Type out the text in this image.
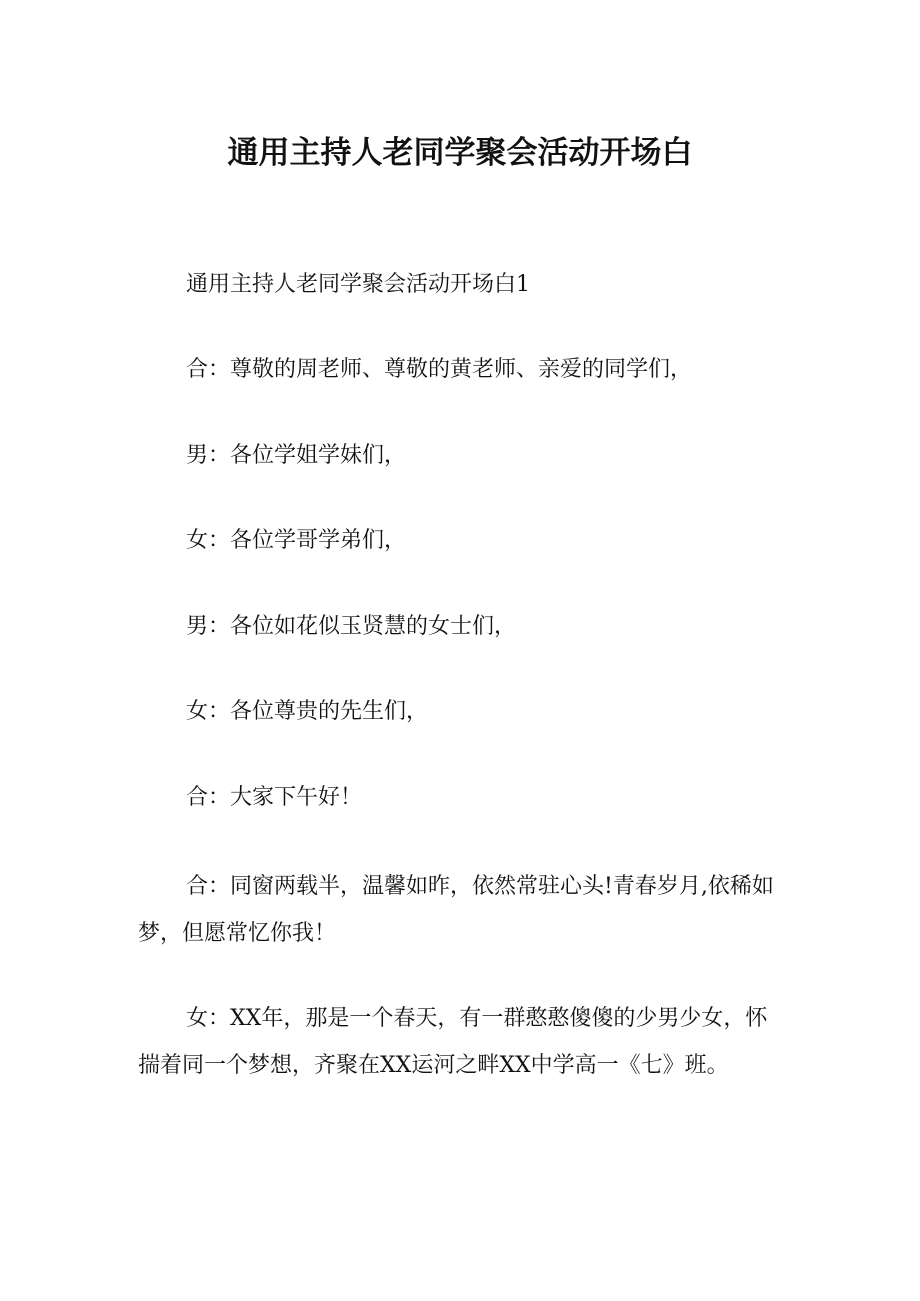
通用主持人老同学聚会活动开场白
通用主持人老同学聚会活动开场白1
合：尊敬的周老师、尊敬的黄老师、亲爱的同学们，
男：各位学姐学妹们，
女：各位学哥学弟们，
男：各位如花似玉贤慧的女士们，
女：各位尊贵的先生们，
合：大家下午好！
合：同窗两载半，温馨如昨，依然常驻心头!青春岁月,依稀如梦，但愿常忆你我！
女：XX年，那是一个春天，有一群憨憨傻傻的少男少女，怀揣着同一个梦想，齐聚在XX运河之畔XX中学高一《七》班。
